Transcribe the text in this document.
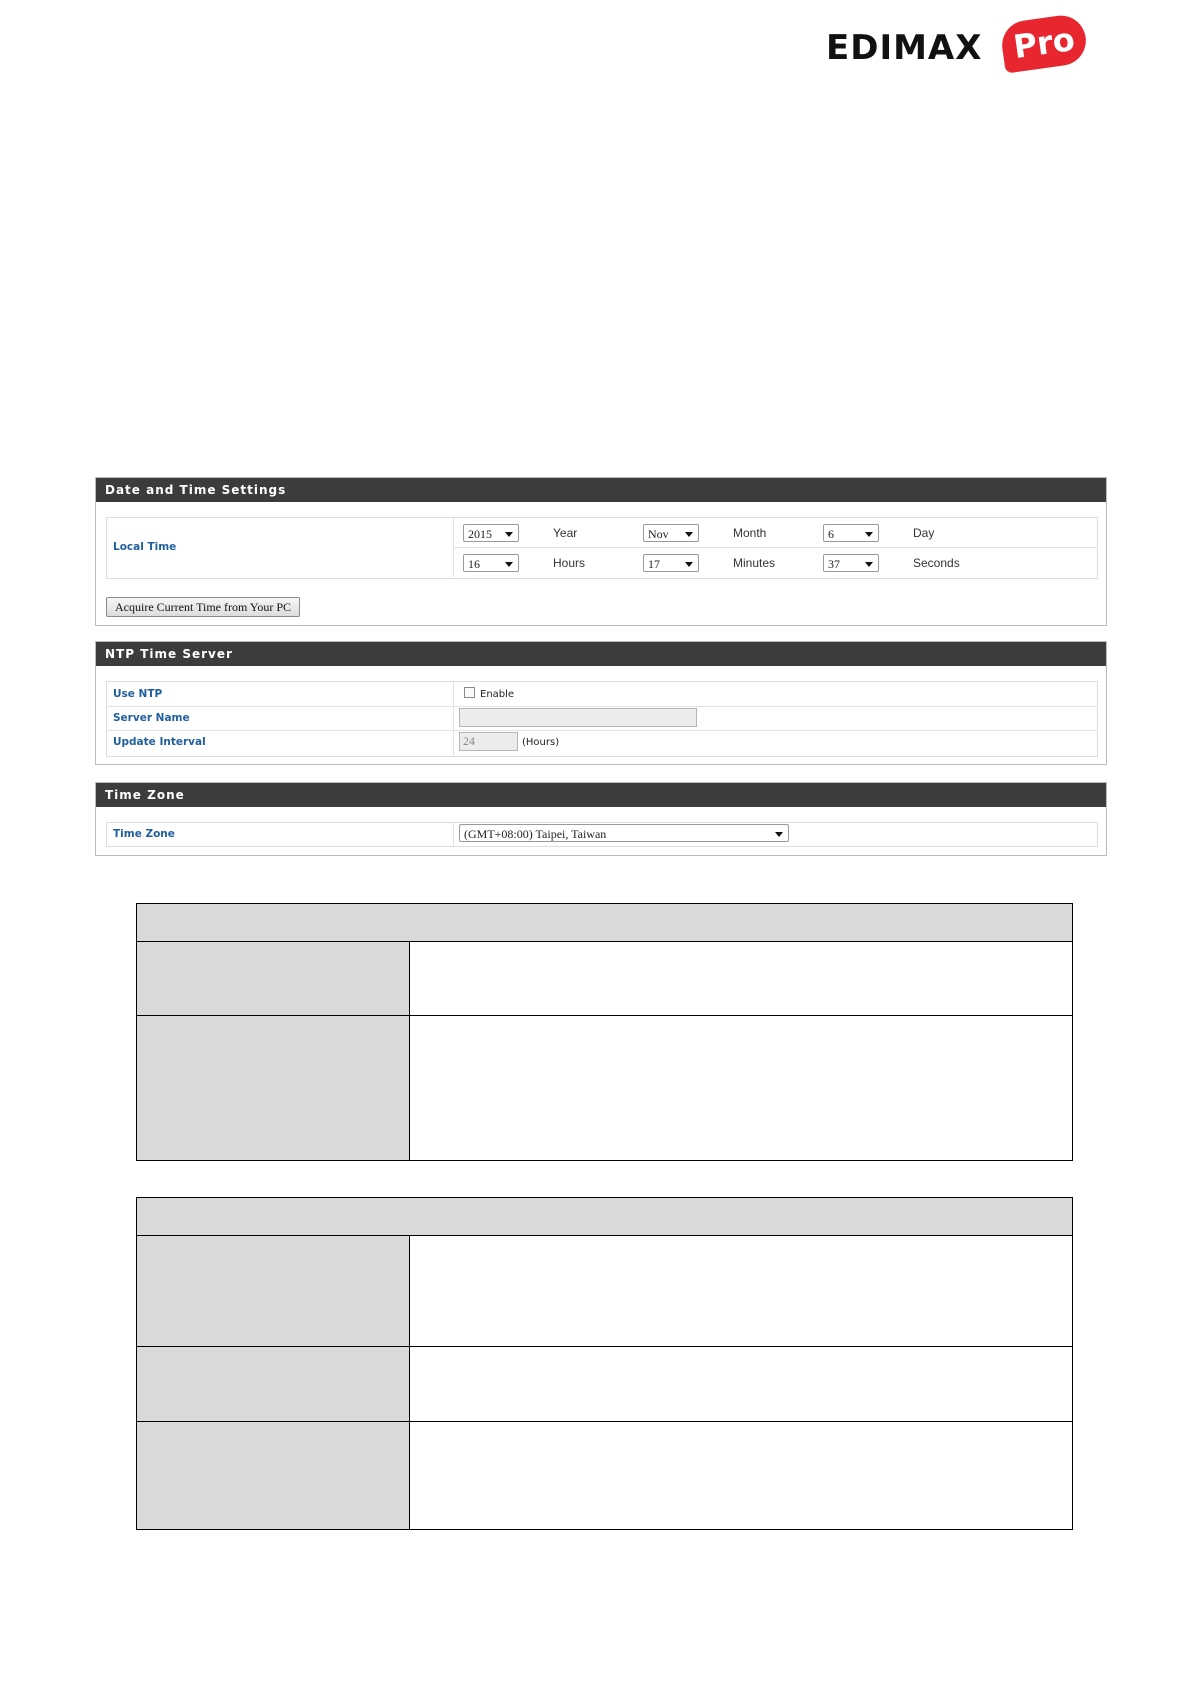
EDIMAX Pro
Date and Time Settings
Local Time
2015	Year	Nov	Month	6	Day
16	Hours	17	Minutes	37	Seconds
Acquire Current Time from Your PC
NTP Time Server
Use NTP	Enable
Server Name
Update Interval	24	(Hours)
Time Zone
Time Zone	(GMT+08:00) Taipei, Taiwan
